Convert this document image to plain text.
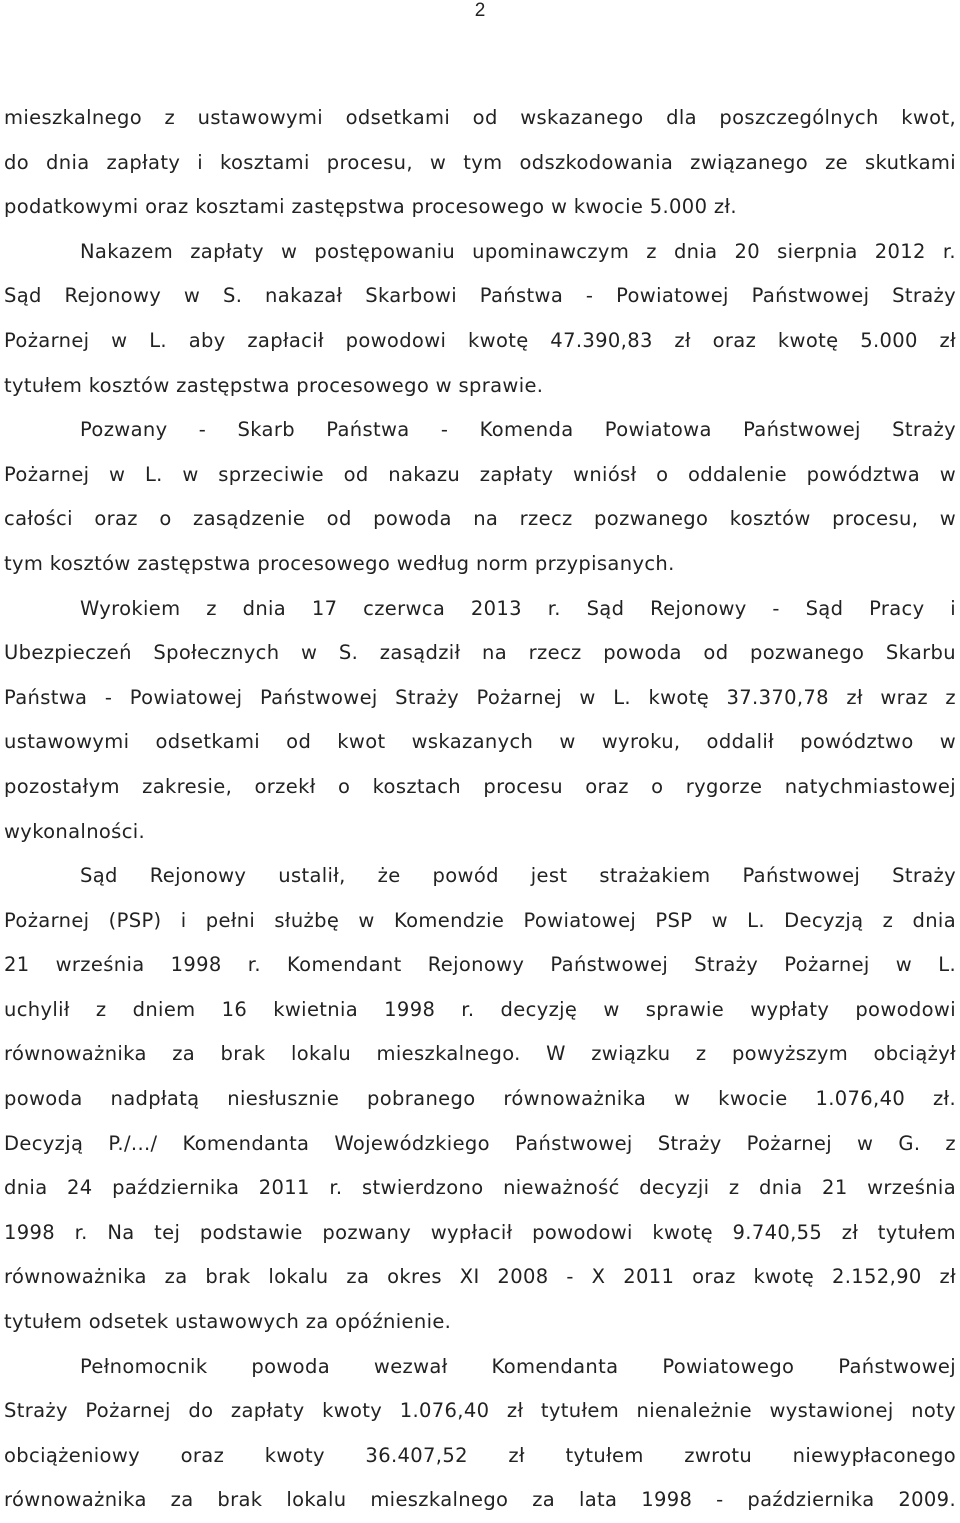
2
mieszkalnego z ustawowymi odsetkami od wskazanego dla poszczególnych kwot,
do dnia zapłaty i kosztami procesu, w tym odszkodowania związanego ze skutkami
podatkowymi oraz kosztami zastępstwa procesowego w kwocie 5.000 zł.
Nakazem zapłaty w postępowaniu upominawczym z dnia 20 sierpnia 2012 r.
Sąd Rejonowy w S. nakazał Skarbowi Państwa - Powiatowej Państwowej Straży
Pożarnej w L. aby zapłacił powodowi kwotę 47.390,83 zł oraz kwotę 5.000 zł
tytułem kosztów zastępstwa procesowego w sprawie.
Pozwany - Skarb Państwa - Komenda Powiatowa Państwowej Straży
Pożarnej w L. w sprzeciwie od nakazu zapłaty wniósł o oddalenie powództwa w
całości oraz o zasądzenie od powoda na rzecz pozwanego kosztów procesu, w
tym kosztów zastępstwa procesowego według norm przypisanych.
Wyrokiem z dnia 17 czerwca 2013 r. Sąd Rejonowy - Sąd Pracy i
Ubezpieczeń Społecznych w S. zasądził na rzecz powoda od pozwanego Skarbu
Państwa - Powiatowej Państwowej Straży Pożarnej w L. kwotę 37.370,78 zł wraz z
ustawowymi odsetkami od kwot wskazanych w wyroku, oddalił powództwo w
pozostałym zakresie, orzekł o kosztach procesu oraz o rygorze natychmiastowej
wykonalności.
Sąd Rejonowy ustalił, że powód jest strażakiem Państwowej Straży
Pożarnej (PSP) i pełni służbę w Komendzie Powiatowej PSP w L. Decyzją z dnia
21 września 1998 r. Komendant Rejonowy Państwowej Straży Pożarnej w L.
uchylił z dniem 16 kwietnia 1998 r. decyzję w sprawie wypłaty powodowi
równoważnika za brak lokalu mieszkalnego. W związku z powyższym obciążył
powoda nadpłatą niesłusznie pobranego równoważnika w kwocie 1.076,40 zł.
Decyzją P./.../ Komendanta Wojewódzkiego Państwowej Straży Pożarnej w G. z
dnia 24 października 2011 r. stwierdzono nieważność decyzji z dnia 21 września
1998 r. Na tej podstawie pozwany wypłacił powodowi kwotę 9.740,55 zł tytułem
równoważnika za brak lokalu za okres XI 2008 - X 2011 oraz kwotę 2.152,90 zł
tytułem odsetek ustawowych za opóźnienie.
Pełnomocnik powoda wezwał Komendanta Powiatowego Państwowej
Straży Pożarnej do zapłaty kwoty 1.076,40 zł tytułem nienależnie wystawionej noty
obciążeniowy oraz kwoty 36.407,52 zł tytułem zwrotu niewypłaconego
równoważnika za brak lokalu mieszkalnego za lata 1998 - października 2009.
